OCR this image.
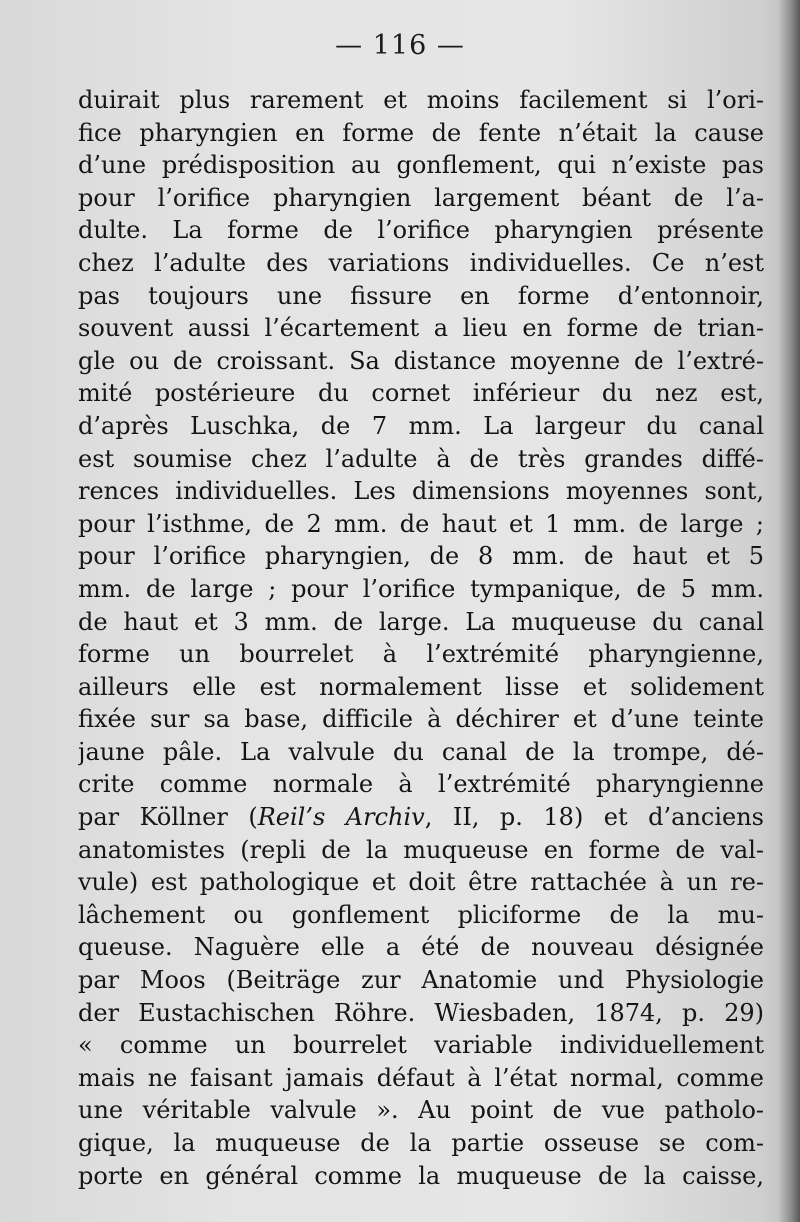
— 116 —
duirait plus rarement et moins facilement si l’ori-
fice pharyngien en forme de fente n’était la cause
d’une prédisposition au gonflement, qui n’existe pas
pour l’orifice pharyngien largement béant de l’a-
dulte. La forme de l’orifice pharyngien présente
chez l’adulte des variations individuelles. Ce n’est
pas toujours une fissure en forme d’entonnoir,
souvent aussi l’écartement a lieu en forme de trian-
gle ou de croissant. Sa distance moyenne de l’extré-
mité postérieure du cornet inférieur du nez est,
d’après Luschka, de 7 mm. La largeur du canal
est soumise chez l’adulte à de très grandes diffé-
rences individuelles. Les dimensions moyennes sont,
pour l’isthme, de 2 mm. de haut et 1 mm. de large ;
pour l’orifice pharyngien, de 8 mm. de haut et 5
mm. de large ; pour l’orifice tympanique, de 5 mm.
de haut et 3 mm. de large. La muqueuse du canal
forme un bourrelet à l’extrémité pharyngienne,
ailleurs elle est normalement lisse et solidement
fixée sur sa base, difficile à déchirer et d’une teinte
jaune pâle. La valvule du canal de la trompe, dé-
crite comme normale à l’extrémité pharyngienne
par Köllner (Reil’s Archiv, II, p. 18) et d’anciens
anatomistes (repli de la muqueuse en forme de val-
vule) est pathologique et doit être rattachée à un re-
lâchement ou gonflement pliciforme de la mu-
queuse. Naguère elle a été de nouveau désignée
par Moos (Beiträge zur Anatomie und Physiologie
der Eustachischen Röhre. Wiesbaden, 1874, p. 29)
« comme un bourrelet variable individuellement
mais ne faisant jamais défaut à l’état normal, comme
une véritable valvule ». Au point de vue patholo-
gique, la muqueuse de la partie osseuse se com-
porte en général comme la muqueuse de la caisse,
